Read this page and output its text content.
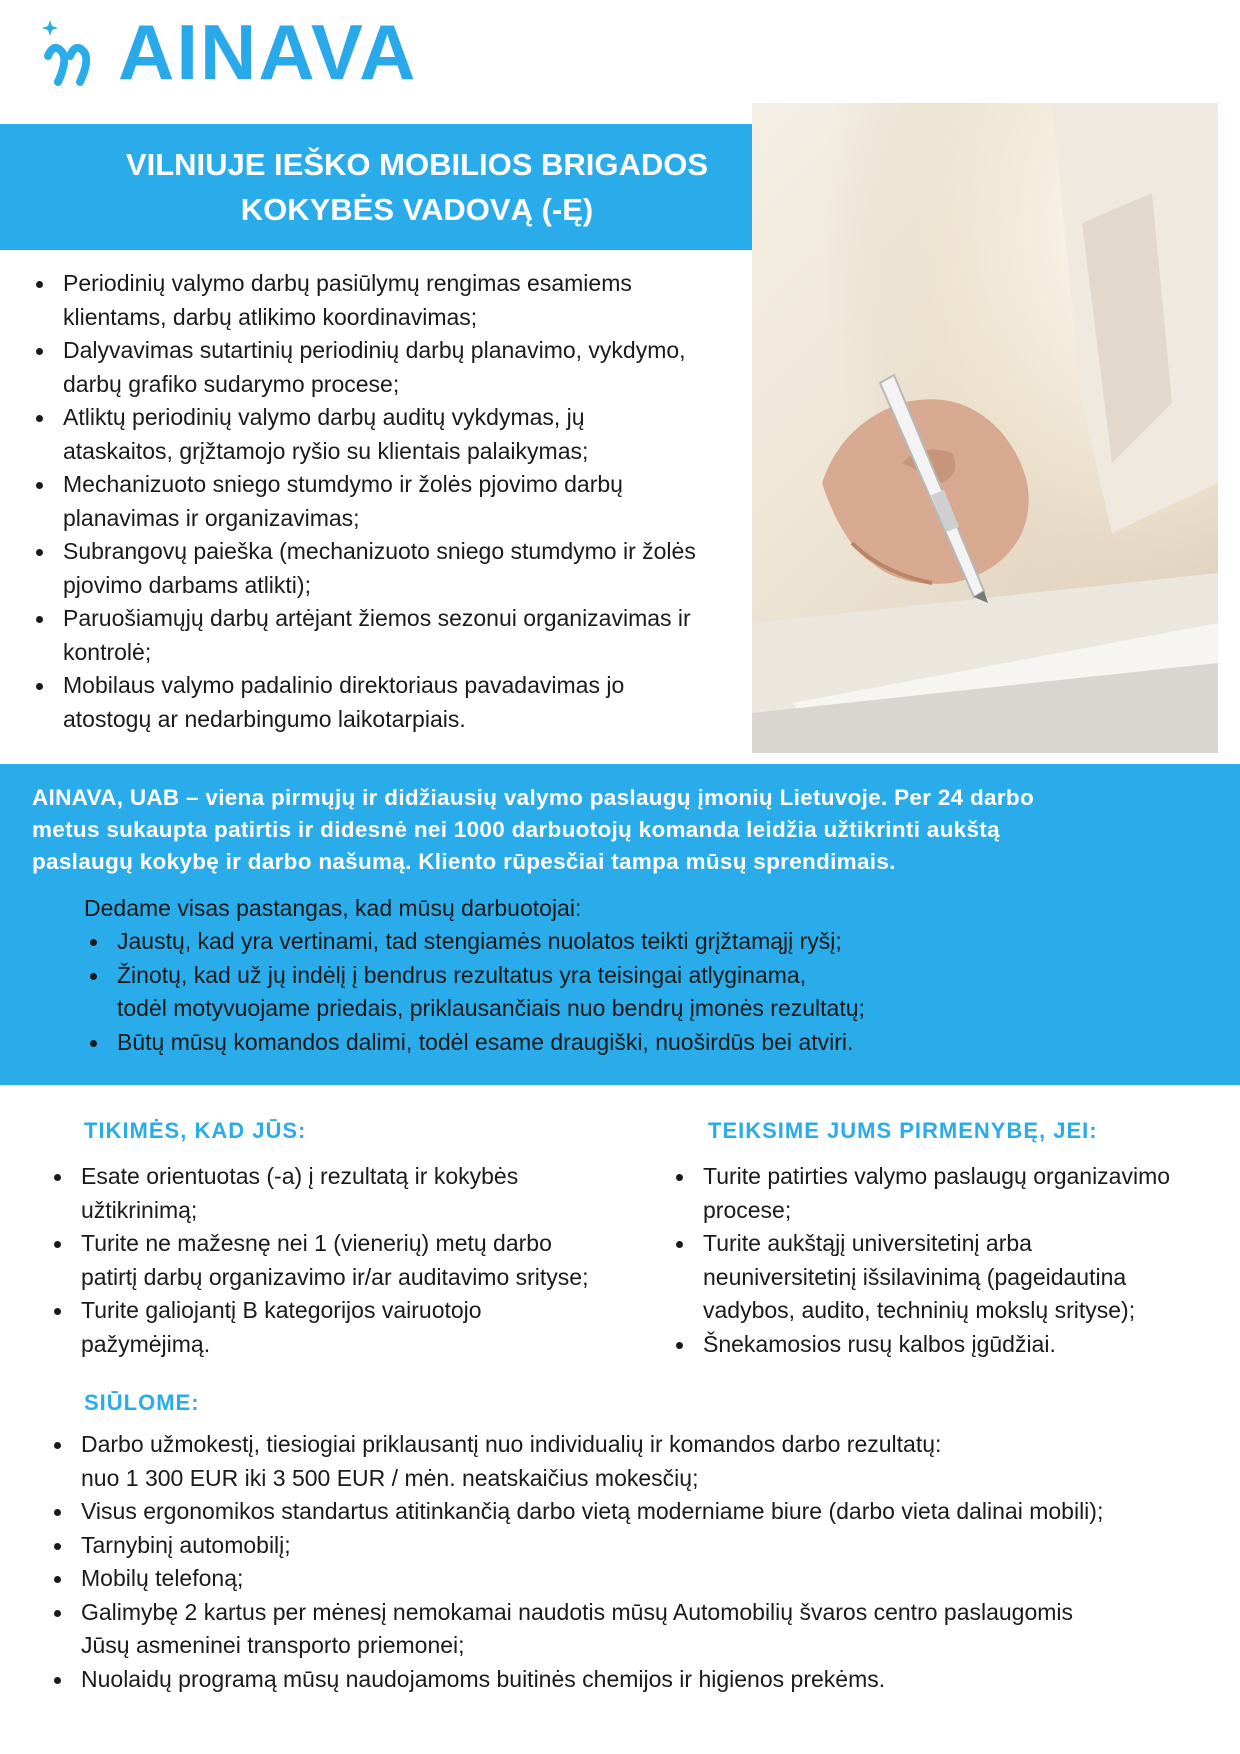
AINAVA
VILNIUJE IEŠKO MOBILIOS BRIGADOS
KOKYBĖS VADOVĄ (-Ę)
Periodinių valymo darbų pasiūlymų rengimas esamiems
klientams, darbų atlikimo koordinavimas;
Dalyvavimas sutartinių periodinių darbų planavimo, vykdymo,
darbų grafiko sudarymo procese;
Atliktų periodinių valymo darbų auditų vykdymas, jų
ataskaitos, grįžtamojo ryšio su klientais palaikymas;
Mechanizuoto sniego stumdymo ir žolės pjovimo darbų
planavimas ir organizavimas;
Subrangovų paieška (mechanizuoto sniego stumdymo ir žolės
pjovimo darbams atlikti);
Paruošiamųjų darbų artėjant žiemos sezonui organizavimas ir
kontrolė;
Mobilaus valymo padalinio direktoriaus pavadavimas jo
atostogų ar nedarbingumo laikotarpiais.
AINAVA, UAB – viena pirmųjų ir didžiausių valymo paslaugų įmonių Lietuvoje. Per 24 darbo
metus sukaupta patirtis ir didesnė nei 1000 darbuotojų komanda leidžia užtikrinti aukštą
paslaugų kokybę ir darbo našumą. Kliento rūpesčiai tampa mūsų sprendimais.
Dedame visas pastangas, kad mūsų darbuotojai:
Jaustų, kad yra vertinami, tad stengiamės nuolatos teikti grįžtamąjį ryšį;
Žinotų, kad už jų indėlį į bendrus rezultatus yra teisingai atlyginama,
todėl motyvuojame priedais, priklausančiais nuo bendrų įmonės rezultatų;
Būtų mūsų komandos dalimi, todėl esame draugiški, nuoširdūs bei atviri.
TIKIMĖS, KAD JŪS:
Esate orientuotas (-a) į rezultatą ir kokybės
užtikrinimą;
Turite ne mažesnę nei 1 (vienerių) metų darbo
patirtį darbų organizavimo ir/ar auditavimo srityse;
Turite galiojantį B kategorijos vairuotojo
pažymėjimą.
TEIKSIME JUMS PIRMENYBĘ, JEI:
Turite patirties valymo paslaugų organizavimo
procese;
Turite aukštąjį universitetinį arba
neuniversitetinį išsilavinimą (pageidautina
vadybos, audito, techninių mokslų srityse);
Šnekamosios rusų kalbos įgūdžiai.
SIŪLOME:
Darbo užmokestį, tiesiogiai priklausantį nuo individualių ir komandos darbo rezultatų:
nuo 1 300 EUR iki 3 500 EUR / mėn. neatskaičius mokesčių;
Visus ergonomikos standartus atitinkančią darbo vietą moderniame biure (darbo vieta dalinai mobili);
Tarnybinį automobilį;
Mobilų telefoną;
Galimybę 2 kartus per mėnesį nemokamai naudotis mūsų Automobilių švaros centro paslaugomis
Jūsų asmeninei transporto priemonei;
Nuolaidų programą mūsų naudojamoms buitinės chemijos ir higienos prekėms.
